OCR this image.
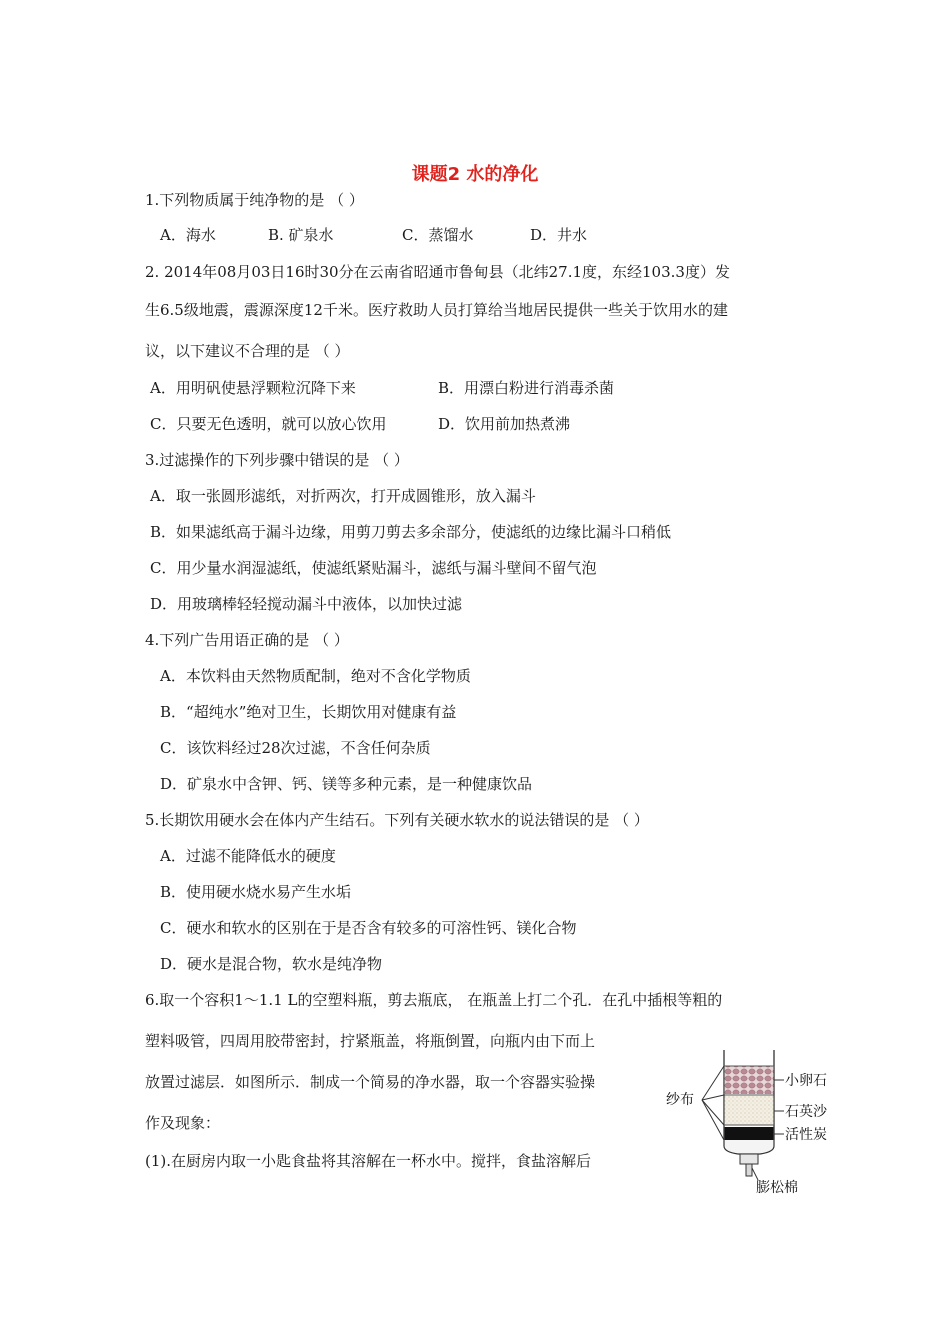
课题2 水的净化
1.下列物质属于纯净物的是 （ ）
A．海水	B. 矿泉水	C．蒸馏水	D．井水
2. 2014年08月03日16时30分在云南省昭通市鲁甸县（北纬27.1度，东经103.3度）发
生6.5级地震，震源深度12千米。医疗救助人员打算给当地居民提供一些关于饮用水的建
议，以下建议不合理的是 （ ）
A．用明矾使悬浮颗粒沉降下来	B．用漂白粉进行消毒杀菌
C．只要无色透明，就可以放心饮用	D．饮用前加热煮沸
3.过滤操作的下列步骤中错误的是 （ ）
A．取一张圆形滤纸，对折两次，打开成圆锥形，放入漏斗
B．如果滤纸高于漏斗边缘，用剪刀剪去多余部分，使滤纸的边缘比漏斗口稍低
C．用少量水润湿滤纸，使滤纸紧贴漏斗，滤纸与漏斗壁间不留气泡
D．用玻璃棒轻轻搅动漏斗中液体，以加快过滤
4.下列广告用语正确的是 （ ）
A．本饮料由天然物质配制，绝对不含化学物质
B．“超纯水”绝对卫生，长期饮用对健康有益
C．该饮料经过28次过滤，不含任何杂质
D．矿泉水中含钾、钙、镁等多种元素，是一种健康饮品
5.长期饮用硬水会在体内产生结石。下列有关硬水软水的说法错误的是 （ ）
A．过滤不能降低水的硬度
B．使用硬水烧水易产生水垢
C．硬水和软水的区别在于是否含有较多的可溶性钙、镁化合物
D．硬水是混合物，软水是纯净物
6.取一个容积1～1.1 L的空塑料瓶，剪去瓶底， 在瓶盖上打二个孔．在孔中插根等粗的
塑料吸管，四周用胶带密封，拧紧瓶盖，将瓶倒置，向瓶内由下而上
放置过滤层．如图所示．制成一个简易的净水器，取一个容器实验操
作及现象：
(1).在厨房内取一小匙食盐将其溶解在一杯水中。搅拌，食盐溶解后
纱布
小卵石
石英沙
活性炭
膨松棉
